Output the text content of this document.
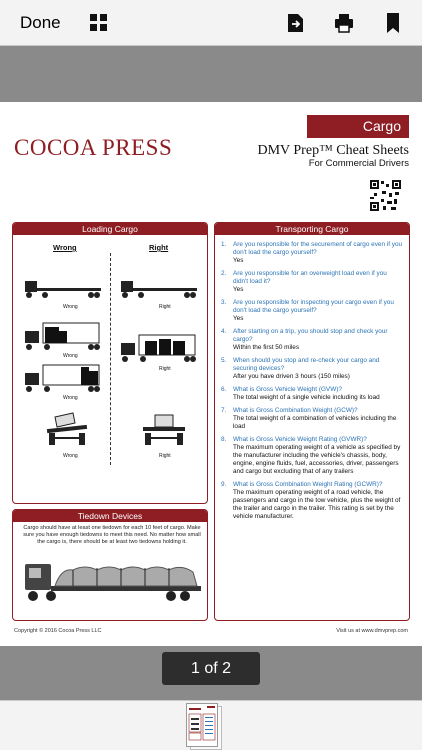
Done
Cargo
COCOA PRESS	DMV Prep™ Cheat Sheets
For Commercial Drivers
Loading Cargo
Wrong	Right
Wrong	Right
Wrong
Right
Wrong
Wrong	Right
Tiedown Devices
Cargo should have at least one tiedown for each 10 feet of cargo. Make sure you have enough tiedowns to meet this need. No matter how small the cargo is, there should be at least two tiedowns holding it.
Transporting Cargo
1. Are you responsible for the securement of cargo even if you don't load the cargo yourself?
Yes
2. Are you responsible for an overweight load even if you didn't load it?
Yes
3. Are you responsible for inspecting your cargo even if you don't load the cargo yourself?
Yes
4. After starting on a trip, you should stop and check your cargo?
Within the first 50 miles
5. When should you stop and re-check your cargo and securing devices?
After you have driven 3 hours (150 miles)
6. What is Gross Vehicle Weight (GVW)?
The total weight of a single vehicle including its load
7. What is Gross Combination Weight (GCW)?
The total weight of a combination of vehicles including the load
8. What is Gross Vehicle Weight Rating (GVWR)?
The maximum operating weight of a vehicle as specified by the manufacturer including the vehicle's chassis, body, engine, engine fluids, fuel, accessories, driver, passengers and cargo but excluding that of any trailers
9. What is Gross Combination Weight Rating (GCWR)?
The maximum operating weight of a road vehicle, the passengers and cargo in the tow vehicle, plus the weight of the trailer and cargo in the trailer. This rating is set by the vehicle manufacturer.
Copyright © 2016 Cocoa Press LLC	Visit us at www.dmvprep.com
1 of 2
